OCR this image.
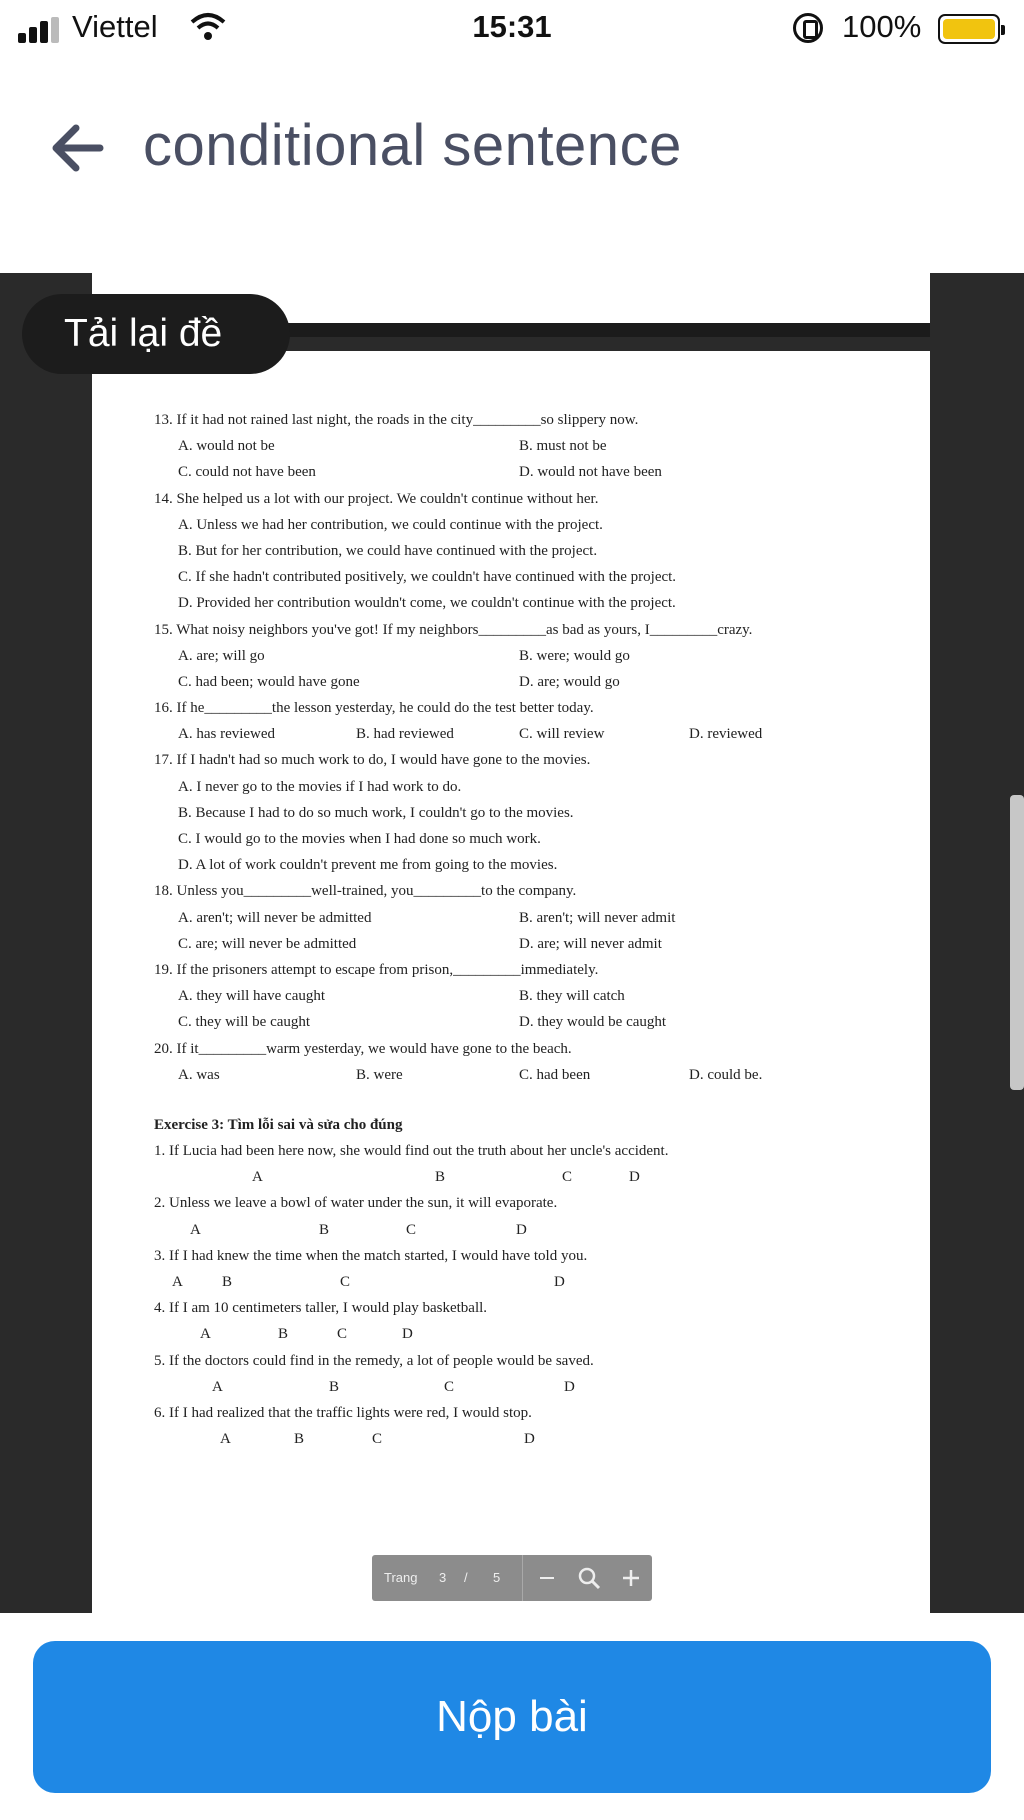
Viettel	15:31	100%
conditional sentence
13. If it had not rained last night, the roads in the city_________so slippery now.
A. would not be	B. must not be
C. could not have been	D. would not have been
14. She helped us a lot with our project. We couldn't continue without her.
A. Unless we had her contribution, we could continue with the project.
B. But for her contribution, we could have continued with the project.
C. If she hadn't contributed positively, we couldn't have continued with the project.
D. Provided her contribution wouldn't come, we couldn't continue with the project.
15. What noisy neighbors you've got! If my neighbors_________as bad as yours, I_________crazy.
A. are; will go	B. were; would go
C. had been; would have gone	D. are; would go
16. If he_________the lesson yesterday, he could do the test better today.
A. has reviewed	B. had reviewed	C. will review	D. reviewed
17. If I hadn't had so much work to do, I would have gone to the movies.
A. I never go to the movies if I had work to do.
B. Because I had to do so much work, I couldn't go to the movies.
C. I would go to the movies when I had done so much work.
D. A lot of work couldn't prevent me from going to the movies.
18. Unless you_________well-trained, you_________to the company.
A. aren't; will never be admitted	B. aren't; will never admit
C. are; will never be admitted	D. are; will never admit
19. If the prisoners attempt to escape from prison,_________immediately.
A. they will have caught	B. they will catch
C. they will be caught	D. they would be caught
20. If it_________warm yesterday, we would have gone to the beach.
A. was	B. were	C. had been	D. could be.
Exercise 3: Tìm lỗi sai và sửa cho đúng
1. If Lucia had been here now, she would find out the truth about her uncle's accident.
A	B	C	D
2. Unless we leave a bowl of water under the sun, it will evaporate.
A	B	C	D
3. If I had knew the time when the match started, I would have told you.
A	B	C	D
4. If I am 10 centimeters taller, I would play basketball.
A	B	C	D
5. If the doctors could find in the remedy, a lot of people would be saved.
A	B	C	D
6. If I had realized that the traffic lights were red, I would stop.
A	B	C	D
Tải lại đề
Trang 3 / 5
Nộp bài
